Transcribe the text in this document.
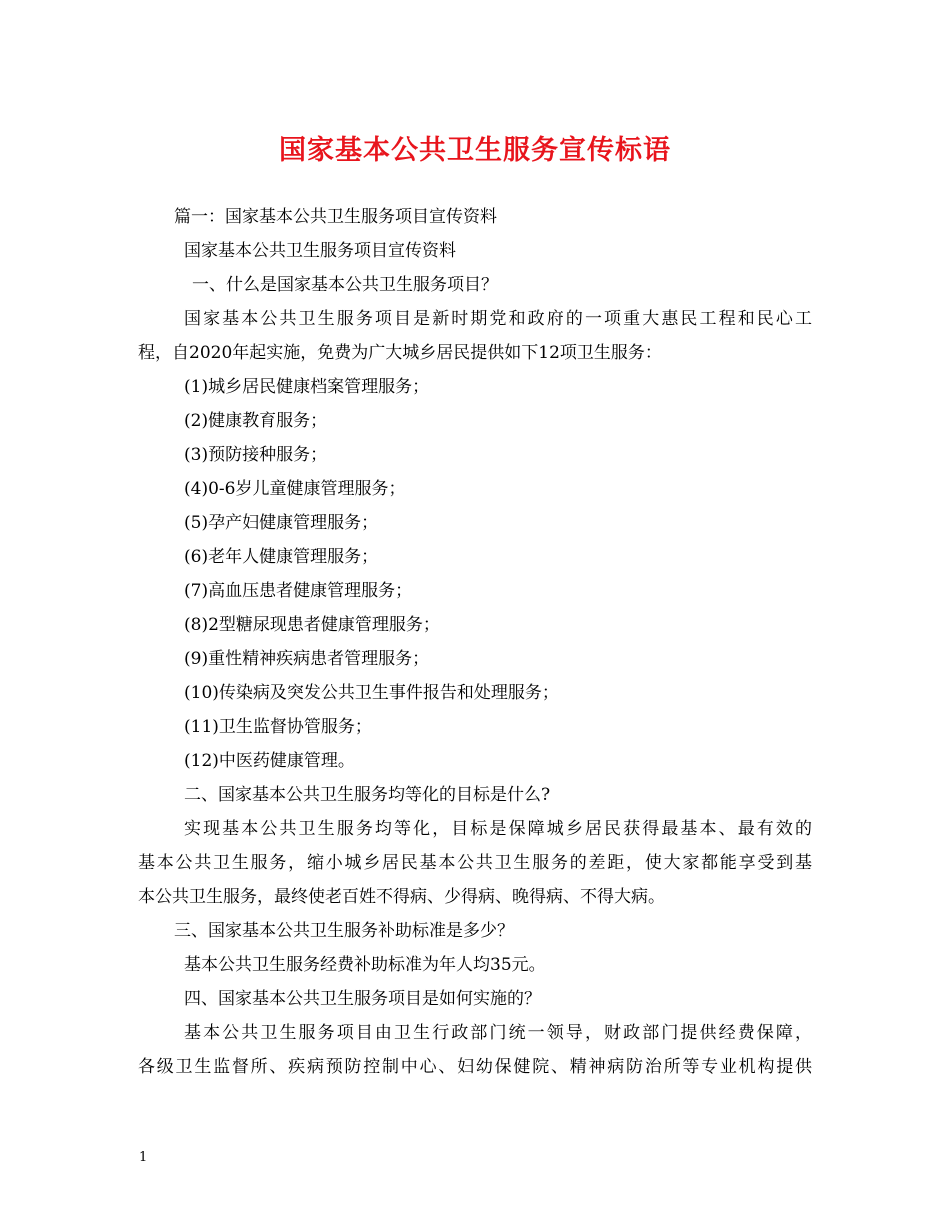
国家基本公共卫生服务宣传标语

篇一：国家基本公共卫生服务项目宣传资料

国家基本公共卫生服务项目宣传资料

一、什么是国家基本公共卫生服务项目？

国家基本公共卫生服务项目是新时期党和政府的一项重大惠民工程和民心工

程，自2020年起实施，免费为广大城乡居民提供如下12项卫生服务：

(1)城乡居民健康档案管理服务；

(2)健康教育服务；

(3)预防接种服务；

(4)0-6岁儿童健康管理服务；

(5)孕产妇健康管理服务；

(6)老年人健康管理服务；

(7)高血压患者健康管理服务；

(8)2型糖尿现患者健康管理服务；

(9)重性精神疾病患者管理服务；

(10)传染病及突发公共卫生事件报告和处理服务；

(11)卫生监督协管服务；

(12)中医药健康管理。

二、国家基本公共卫生服务均等化的目标是什么?

实现基本公共卫生服务均等化，目标是保障城乡居民获得最基本、最有效的

基本公共卫生服务，缩小城乡居民基本公共卫生服务的差距，使大家都能享受到基

本公共卫生服务，最终使老百姓不得病、少得病、晚得病、不得大病。

三、国家基本公共卫生服务补助标准是多少？

基本公共卫生服务经费补助标准为年人均35元。

四、国家基本公共卫生服务项目是如何实施的？

基本公共卫生服务项目由卫生行政部门统一领导，财政部门提供经费保障，

各级卫生监督所、疾病预防控制中心、妇幼保健院、精神病防治所等专业机构提供

1
